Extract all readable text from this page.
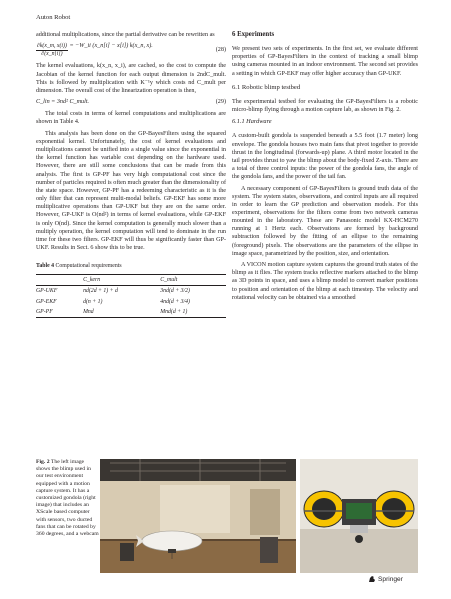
Auton Robot

additional multiplications, since the partial derivative can be rewritten as

$\frac{\partial k(x\_m, x(i))}{\partial(x\_n[i])}$ = −W_ii (x_n[i] − x[i]) k(x_n, x).
(28)

The kernel evaluations, k(x_n, x_i), are cached, so the cost to compute the Jacobian of the kernel function for each output dimension is 2ndC_mult. This is followed by multiplication with K⁻¹y which costs nd C_mult per dimension. The overall cost of the linearization operation is then,

C_lin = 3nd² C_mult.	(29)

The total costs in terms of kernel computations and multiplications are shown in Table 4.

This analysis has been done on the GP-BayesFilters using the squared exponential kernel. Unfortunately, the cost of kernel evaluations and multiplications cannot be unified into a single value since the exponential in the kernel function has variable cost depending on the hardware used. However, there are still some conclusions that can be made from this analysis. The first is GP-PF has very high computational cost since the number of particles required is often much greater than the dimensionality of the state space. However, GP-PF has a redeeming characteristic as it is the only filter that can represent multi-modal beliefs. GP-EKF has some more multiplicative operations than GP-UKF but they are on the same order. However, GP-UKF is O(nd²) in terms of kernel evaluations, while GP-EKF is only O(nd). Since the kernel computation is generally much slower than a multiply operation, the kernel computation will tend to dominate in the run time for these two filters. GP-EKF will thus be significantly faster than GP-UKF. Results in Sect. 6 show this to be true.

Table 4 Computational requirements
	C_kern	C_mult
GP-UKF	nd(2d + 1) + d	3nd(d + 3/2)
GP-EKF	d(n + 1)	4nd(d + 3/4)
GP-PF	Mnd	Mnd(d + 1)
6 Experiments

We present two sets of experiments. In the first set, we evaluate different properties of GP-BayesFilters in the context of tracking a small blimp using cameras mounted in an indoor environment. The second set provides a setting in which GP-EKF may offer higher accuracy than GP-UKF.

6.1 Robotic blimp testbed

The experimental testbed for evaluating the GP-BayesFilters is a robotic micro-blimp flying through a motion capture lab, as shown in Fig. 2.

6.1.1 Hardware

A custom-built gondola is suspended beneath a 5.5 foot (1.7 meter) long envelope. The gondola houses two main fans that pivot together to provide thrust in the longitudinal (forwards-up) plane. A third motor located in the tail provides thrust to yaw the blimp about the body-fixed Z-axis. There are a total of three control inputs: the power of the gondola fans, the angle of the gondola fans, and the power of the tail fan.

A necessary component of GP-BayesFilters is ground truth data of the system. The system states, observations, and control inputs are all required in order to learn the GP prediction and observation models. For this experiment, observations for the filters come from two network cameras mounted in the laboratory. These are Panasonic model KX-HCM270 running at 1 Hertz each. Observations are formed by background subtraction followed by the fitting of an ellipse to the remaining (foreground) pixels. The observations are the parameters of the ellipse in image space, parametrized by the position, size, and orientation.

A VICON motion capture system captures the ground truth states of the blimp as it flies. The system tracks reflective markers attached to the blimp as 3D points in space, and uses a blimp model to convert marker positions to position and orientation of the blimp at each timestep. The velocity and rotational velocity can be obtained via a smoothed

Fig. 2 The left image shows the blimp used in our test environment equipped with a motion capture system. It has a customized gondola (right image) that includes an XScale based computer with sensors, two ducted fans that can be rotated by 360 degrees, and a webcam
Springer
